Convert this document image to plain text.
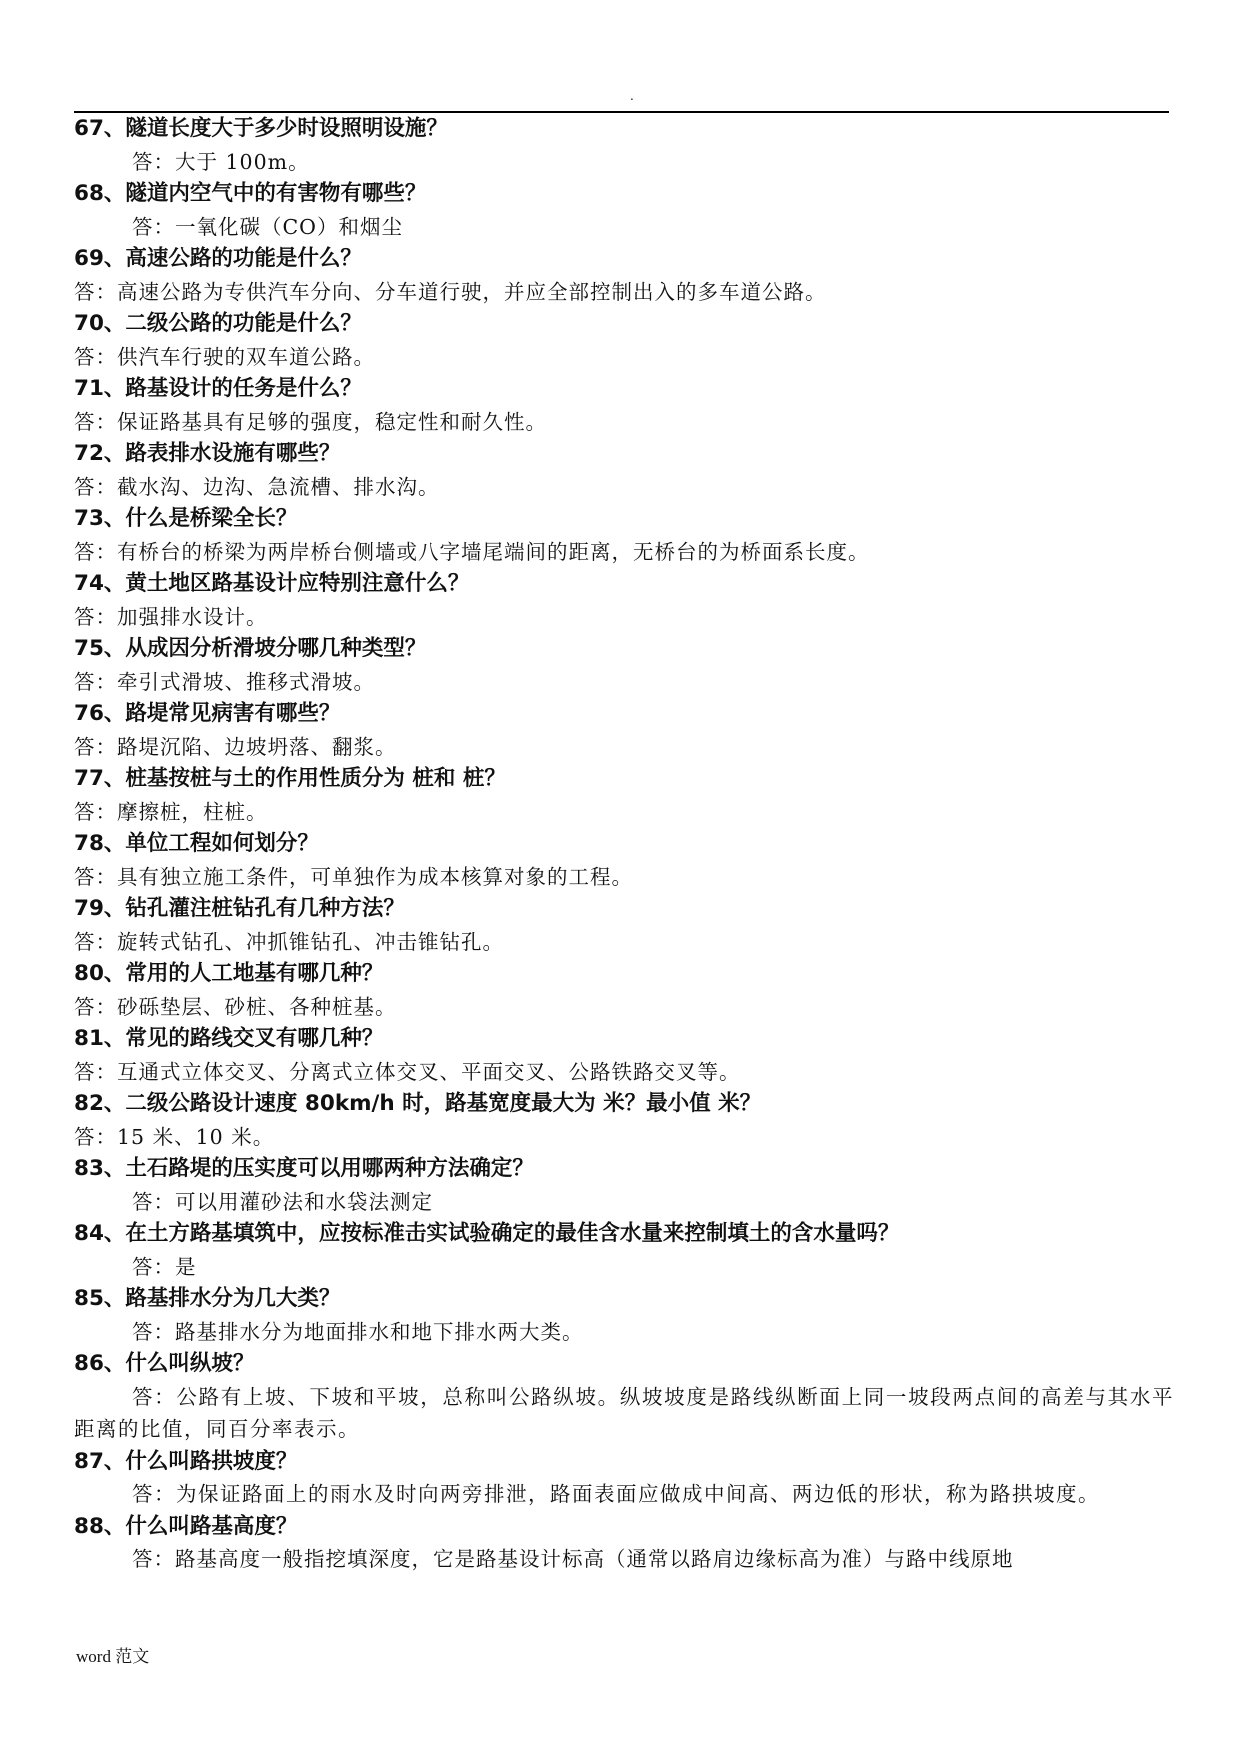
.
67、隧道长度大于多少时设照明设施？
答：大于 100m。
68、隧道内空气中的有害物有哪些？
答：一氧化碳（CO）和烟尘
69、高速公路的功能是什么？
答：高速公路为专供汽车分向、分车道行驶，并应全部控制出入的多车道公路。
70、二级公路的功能是什么？
答：供汽车行驶的双车道公路。
71、路基设计的任务是什么？
答：保证路基具有足够的强度，稳定性和耐久性。
72、路表排水设施有哪些？
答：截水沟、边沟、急流槽、排水沟。
73、什么是桥梁全长？
答：有桥台的桥梁为两岸桥台侧墙或八字墙尾端间的距离，无桥台的为桥面系长度。
74、黄土地区路基设计应特别注意什么？
答：加强排水设计。
75、从成因分析滑坡分哪几种类型？
答：牵引式滑坡、推移式滑坡。
76、路堤常见病害有哪些？
答：路堤沉陷、边坡坍落、翻浆。
77、桩基按桩与土的作用性质分为 桩和 桩？
答：摩擦桩，柱桩。
78、单位工程如何划分？
答：具有独立施工条件，可单独作为成本核算对象的工程。
79、钻孔灌注桩钻孔有几种方法？
答：旋转式钻孔、冲抓锥钻孔、冲击锥钻孔。
80、常用的人工地基有哪几种？
答：砂砾垫层、砂桩、各种桩基。
81、常见的路线交叉有哪几种？
答：互通式立体交叉、分离式立体交叉、平面交叉、公路铁路交叉等。
82、二级公路设计速度 80km/h 时，路基宽度最大为 米？最小值 米？
答：15 米、10 米。
83、土石路堤的压实度可以用哪两种方法确定？
答：可以用灌砂法和水袋法测定
84、在土方路基填筑中，应按标准击实试验确定的最佳含水量来控制填土的含水量吗？
答：是
85、路基排水分为几大类？
答：路基排水分为地面排水和地下排水两大类。
86、什么叫纵坡？
答：公路有上坡、下坡和平坡，总称叫公路纵坡。纵坡坡度是路线纵断面上同一坡段两点间的高差与其水平距离的比值，同百分率表示。
87、什么叫路拱坡度？
答：为保证路面上的雨水及时向两旁排泄，路面表面应做成中间高、两边低的形状，称为路拱坡度。
88、什么叫路基高度？
答：路基高度一般指挖填深度，它是路基设计标高（通常以路肩边缘标高为准）与路中线原地
word 范文
